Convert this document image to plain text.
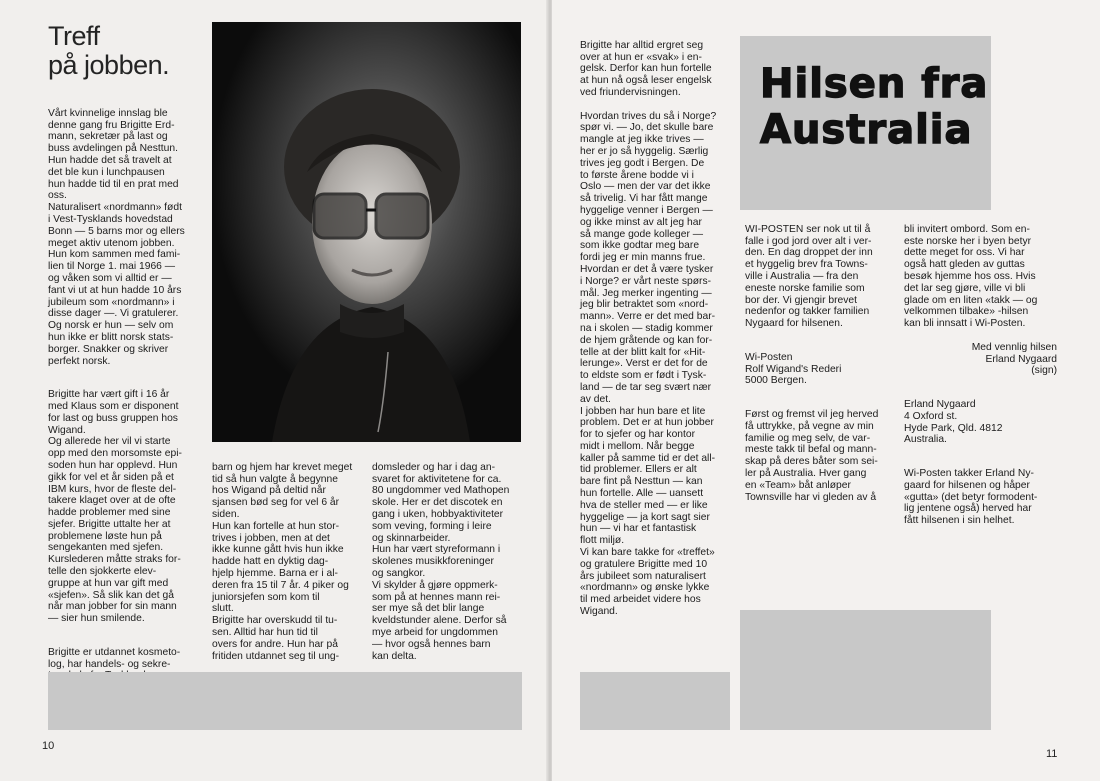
Treff
på jobben.

Vårt kvinnelige innslag ble
denne gang fru Brigitte Erd-
mann, sekretær på last og
buss avdelingen på Nesttun.
Hun hadde det så travelt at
det ble kun i lunchpausen
hun hadde tid til en prat med
oss.
Naturalisert «nordmann» født
i Vest-Tysklands hovedstad
Bonn — 5 barns mor og ellers
meget aktiv utenom jobben.
Hun kom sammen med fami-
lien til Norge 1. mai 1966 —
og våken som vi alltid er —
fant vi ut at hun hadde 10 års
jubileum som «nordmann» i
disse dager —. Vi gratulerer.
Og norsk er hun — selv om
hun ikke er blitt norsk stats-
borger. Snakker og skriver
perfekt norsk.

Brigitte har vært gift i 16 år
med Klaus som er disponent
for last og buss gruppen hos
Wigand.
Og allerede her vil vi starte
opp med den morsomste epi-
soden hun har opplevd. Hun
gikk for vel et år siden på et
IBM kurs, hvor de fleste del-
takere klaget over at de ofte
hadde problemer med sine
sjefer. Brigitte uttalte her at
problemene løste hun på
sengekanten med sjefen.
Kurslederen måtte straks for-
telle den sjokkerte elev-
gruppe at hun var gift med
«sjefen». Så slik kan det gå
når man jobber for sin mann
— sier hun smilende.

Brigitte er utdannet kosmeto-
log, har handels- og sekre-

barn og hjem har krevet meget
tid så hun valgte å begynne
hos Wigand på deltid når
sjansen bød seg for vel 6 år
siden.
Hun kan fortelle at hun stor-
trives i jobben, men at det
ikke kunne gått hvis hun ikke
hadde hatt en dyktig dag-
hjelp hjemme. Barna er i al-
deren fra 15 til 7 år. 4 piker og
juniorsjefen som kom til
slutt.
Brigitte har overskudd til tu-
sen. Alltid har hun tid til
overs for andre. Hun har på
fritiden utdannet seg til ung-

domsleder og har i dag an-
svaret for aktivitetene for ca.
80 ungdommer ved Mathopen
skole. Her er det discotek en
gang i uken, hobbyaktiviteter
som veving, forming i leire
og skinnarbeider.
Hun har vært styreformann i
skolenes musikkforeninger
og sangkor.
Vi skylder å gjøre oppmerk-
som på at hennes mann rei-
ser mye så det blir lange
kveldstunder alene. Derfor så
mye arbeid for ungdommen
— hvor også hennes barn
kan delta.

10

Brigitte har alltid ergret seg
over at hun er «svak» i en-
gelsk. Derfor kan hun fortelle
at hun nå også leser engelsk
ved friundervisningen.

Hvordan trives du så i Norge?
spør vi. — Jo, det skulle bare
mangle at jeg ikke trives —
her er jo så hyggelig. Særlig
trives jeg godt i Bergen. De
to første årene bodde vi i
Oslo — men der var det ikke
så trivelig. Vi har fått mange
hyggelige venner i Bergen —
og ikke minst av alt jeg har
så mange gode kolleger —
som ikke godtar meg bare
fordi jeg er min manns frue.
Hvordan er det å være tysker
i Norge? er vårt neste spørs-
mål. Jeg merker ingenting —
jeg blir betraktet som «nord-
mann». Verre er det med bar-
na i skolen — stadig kommer
de hjem gråtende og kan for-
telle at der blitt kalt for «Hit-
lerunge». Verst er det for de
to eldste som er født i Tysk-
land — de tar seg svært nær
av det.
I jobben har hun bare et lite
problem. Det er at hun jobber
for to sjefer og har kontor
midt i mellom. Når begge
kaller på samme tid er det all-
tid problemer. Ellers er alt
bare fint på Nesttun — kan
hun fortelle. Alle — uansett
hva de steller med — er like
hyggelige — ja kort sagt sier
hun — vi har et fantastisk
flott miljø.
Vi kan bare takke for «treffet»
og gratulere Brigitte med 10
års jubileet som naturalisert
«nordmann» og ønske lykke
til med arbeidet videre hos
Wigand.

Hilsen fra
Australia

WI-POSTEN ser nok ut til å
falle i god jord over alt i ver-
den. En dag droppet der inn
et hyggelig brev fra Towns-
ville i Australia — fra den
eneste norske familie som
bor der. Vi gjengir brevet
nedenfor og takker familien
Nygaard for hilsenen.

Wi-Posten
Rolf Wigand's Rederi
5000 Bergen.

Først og fremst vil jeg herved
få uttrykke, på vegne av min
familie og meg selv, de var-
meste takk til befal og mann-
skap på deres båter som sei-
ler på Australia. Hver gang
en «Team» båt anløper
Townsville har vi gleden av å

bli invitert ombord. Som en-
este norske her i byen betyr
dette meget for oss. Vi har
også hatt gleden av guttas
besøk hjemme hos oss. Hvis
det lar seg gjøre, ville vi bli
glade om en liten «takk — og
velkommen tilbake» -hilsen
kan bli innsatt i Wi-Posten.

Med vennlig hilsen
Erland Nygaard
(sign)

Erland Nygaard
4 Oxford st.
Hyde Park, Qld. 4812
Australia.

Wi-Posten takker Erland Ny-
gaard for hilsenen og håper
«gutta» (det betyr formodent-
lig jentene også) herved har
fått hilsenen i sin helhet.

11
